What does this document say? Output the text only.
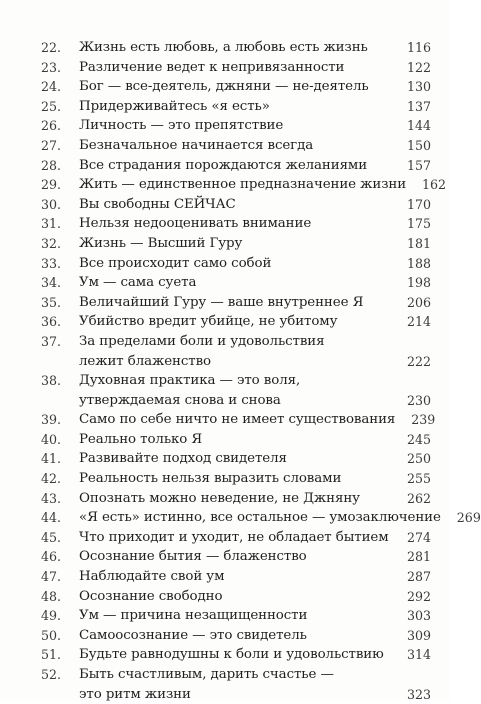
22.	Жизнь есть любовь, а любовь есть жизнь	116
23.	Различение ведет к непривязанности	122
24.	Бог — все-деятель, джняни — не-деятель	130
25.	Придерживайтесь «я есть»	137
26.	Личность — это препятствие	144
27.	Безначальное начинается всегда	150
28.	Все страдания порождаются желаниями	157
29.	Жить — единственное предназначение жизни	162
30.	Вы свободны СЕЙЧАС	170
31.	Нельзя недооценивать внимание	175
32.	Жизнь — Высший Гуру	181
33.	Все происходит само собой	188
34.	Ум — сама суета	198
35.	Величайший Гуру — ваше внутреннее Я	206
36.	Убийство вредит убийце, не убитому	214
37.	За пределами боли и удовольствия
лежит блаженство	222
38.	Духовная практика — это воля,
утверждаемая снова и снова	230
39.	Само по себе ничто не имеет существования	239
40.	Реально только Я	245
41.	Развивайте подход свидетеля	250
42.	Реальность нельзя выразить словами	255
43.	Опознать можно неведение, не Джняну	262
44.	«Я есть» истинно, все остальное — умозаключение	269
45.	Что приходит и уходит, не обладает бытием	274
46.	Осознание бытия — блаженство	281
47.	Наблюдайте свой ум	287
48.	Осознание свободно	292
49.	Ум — причина незащищенности	303
50.	Самоосознание — это свидетель	309
51.	Будьте равнодушны к боли и удовольствию	314
52.	Быть счастливым, дарить счастье —
это ритм жизни	323
